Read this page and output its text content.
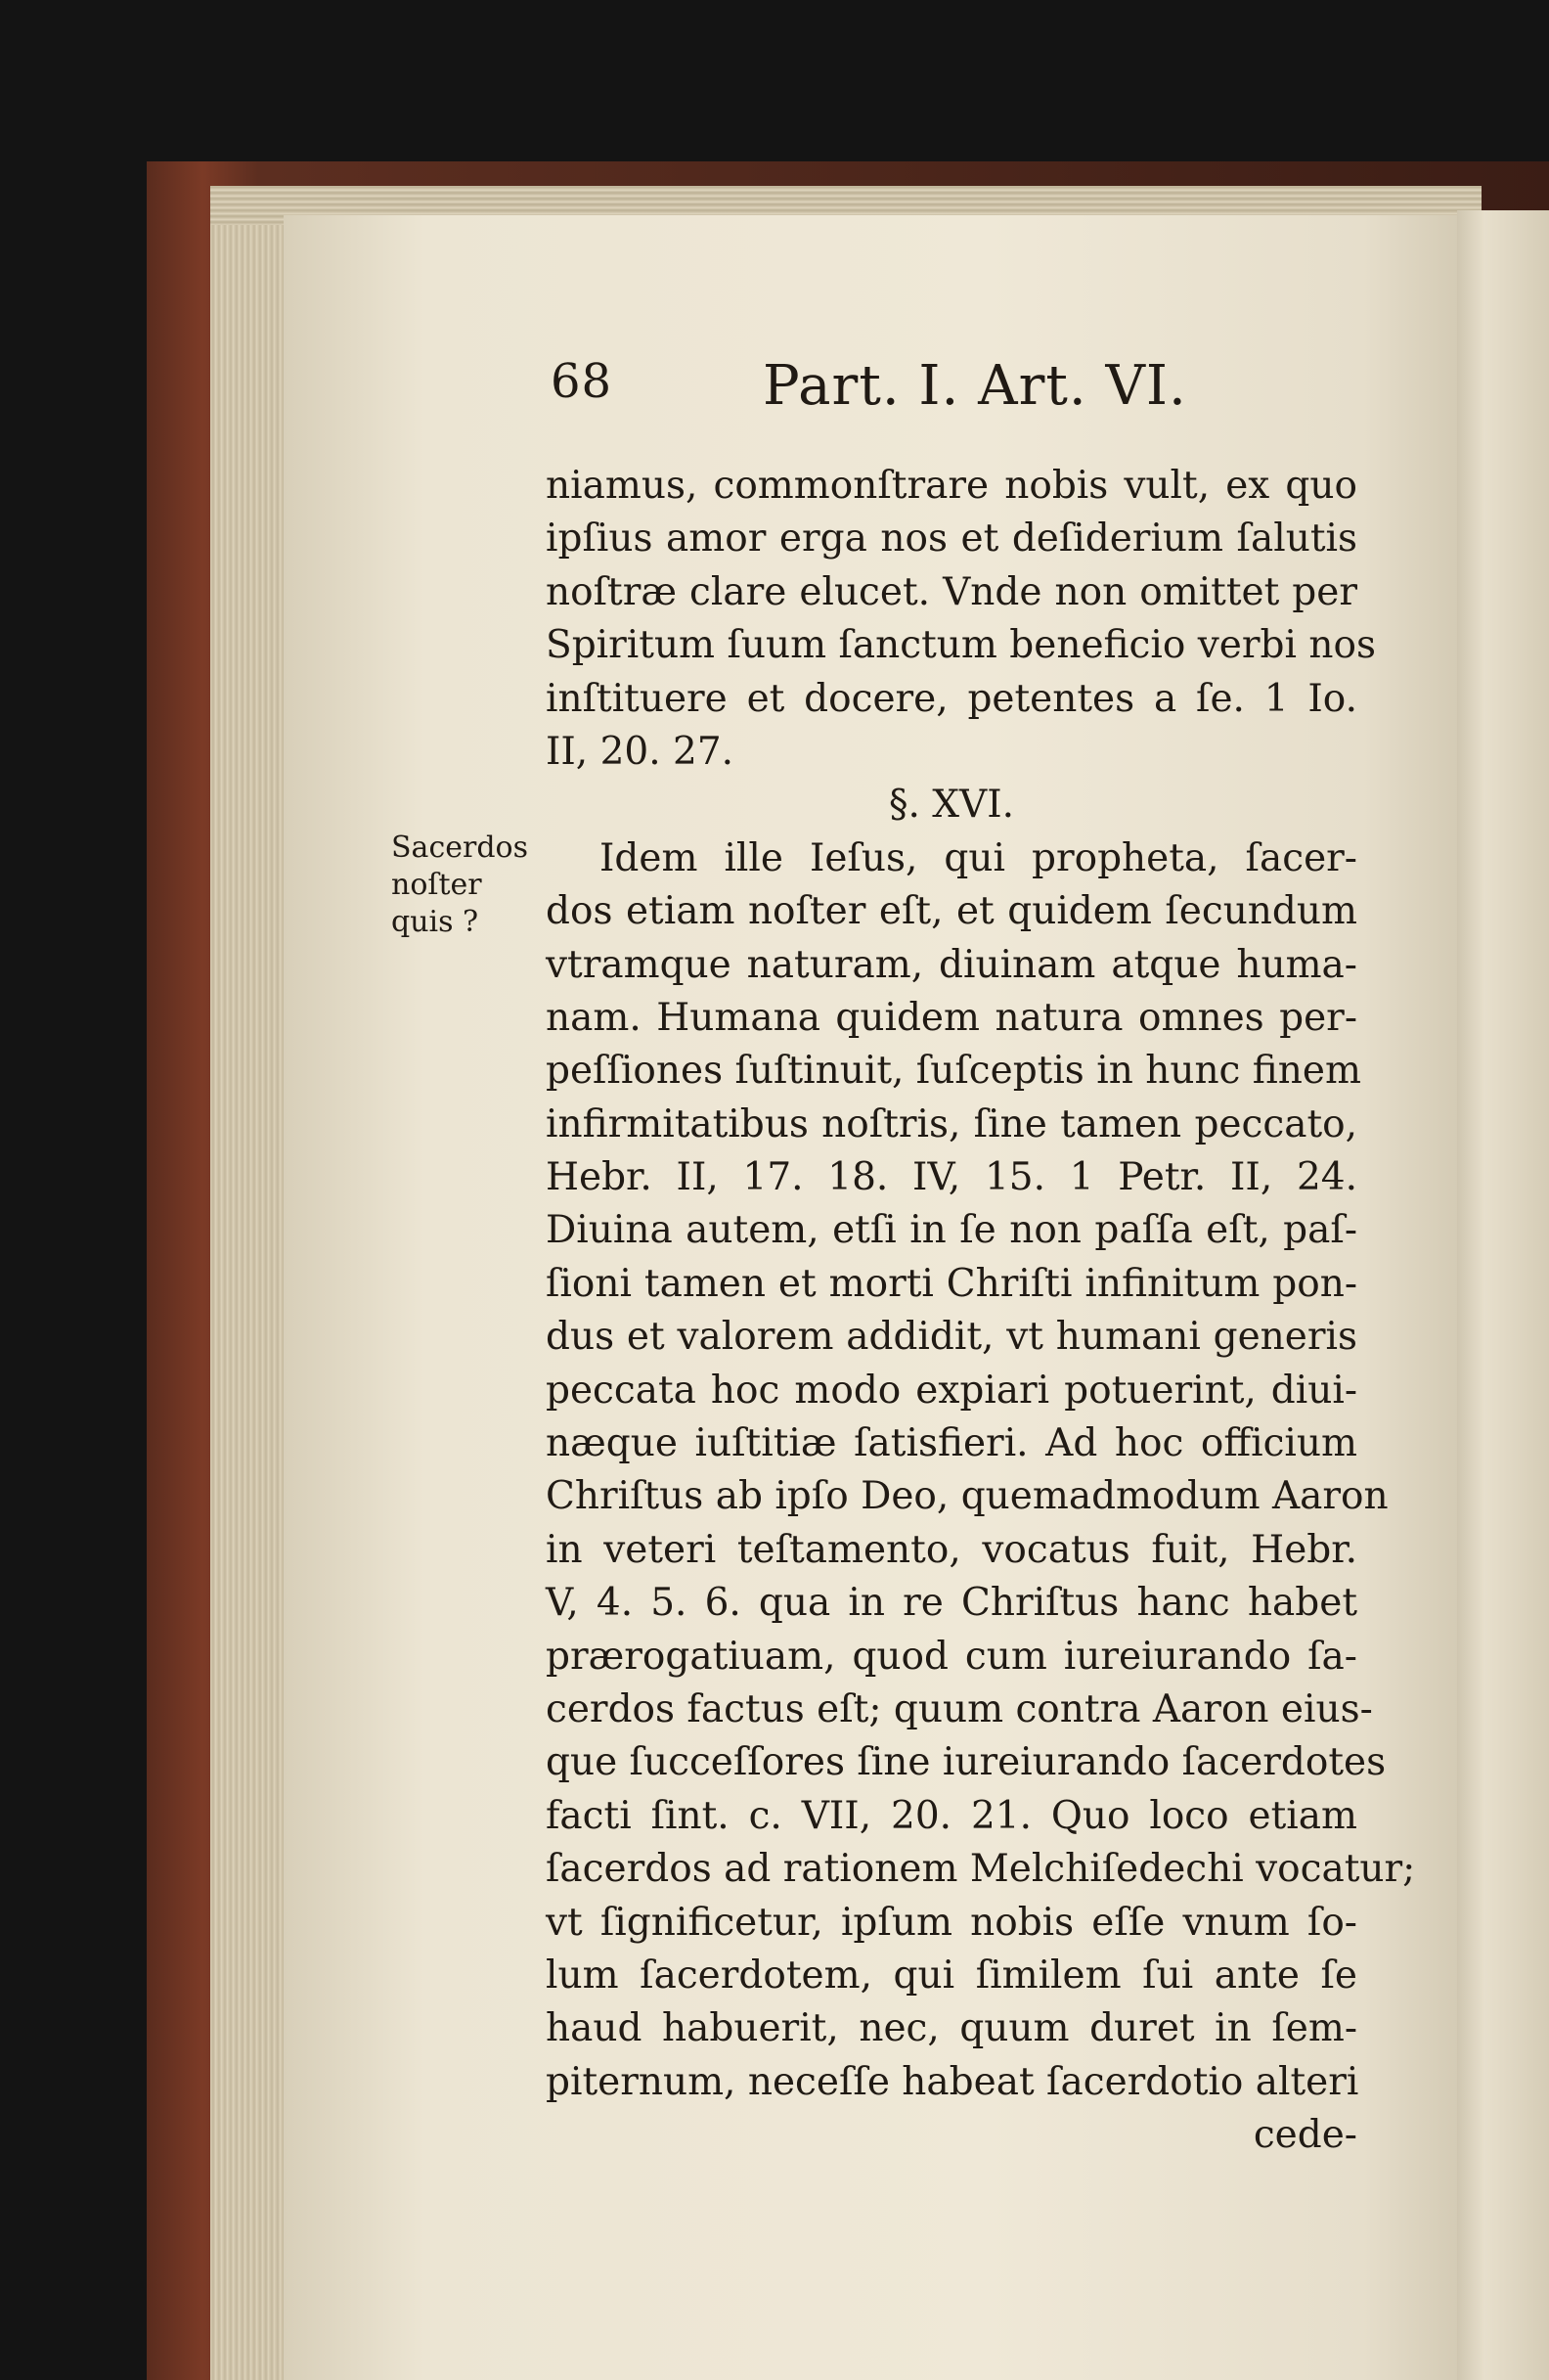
68	Part. I. Art. VI.
Sacerdos
noſter
quis ?
niamus, commonſtrare nobis vult, ex quo
ipſius amor erga nos et deſiderium ſalutis
noſtræ clare elucet. Vnde non omittet per
Spiritum ſuum ſanctum beneficio verbi nos
inſtituere et docere, petentes a ſe. 1 Io.
II, 20. 27.
§. XVI.
Idem ille Ieſus, qui propheta, ſacer-
dos etiam noſter eſt, et quidem ſecundum
vtramque naturam, diuinam atque huma-
nam. Humana quidem natura omnes per-
peſſiones ſuſtinuit, ſuſceptis in hunc finem
infirmitatibus noſtris, ſine tamen peccato,
Hebr. II, 17. 18. IV, 15. 1 Petr. II, 24.
Diuina autem, etſi in ſe non paſſa eſt, paſ-
ſioni tamen et morti Chriſti infinitum pon-
dus et valorem addidit, vt humani generis
peccata hoc modo expiari potuerint, diui-
næque iuſtitiæ ſatisfieri. Ad hoc officium
Chriſtus ab ipſo Deo, quemadmodum Aaron
in veteri teſtamento, vocatus fuit, Hebr.
V, 4. 5. 6. qua in re Chriſtus hanc habet
prærogatiuam, quod cum iureiurando ſa-
cerdos factus eſt; quum contra Aaron eius-
que ſucceſſores ſine iureiurando ſacerdotes
facti ſint. c. VII, 20. 21. Quo loco etiam
ſacerdos ad rationem Melchiſedechi vocatur;
vt ſignificetur, ipſum nobis eſſe vnum ſo-
lum ſacerdotem, qui ſimilem ſui ante ſe
haud habuerit, nec, quum duret in ſem-
piternum, neceſſe habeat ſacerdotio alteri
cede-
